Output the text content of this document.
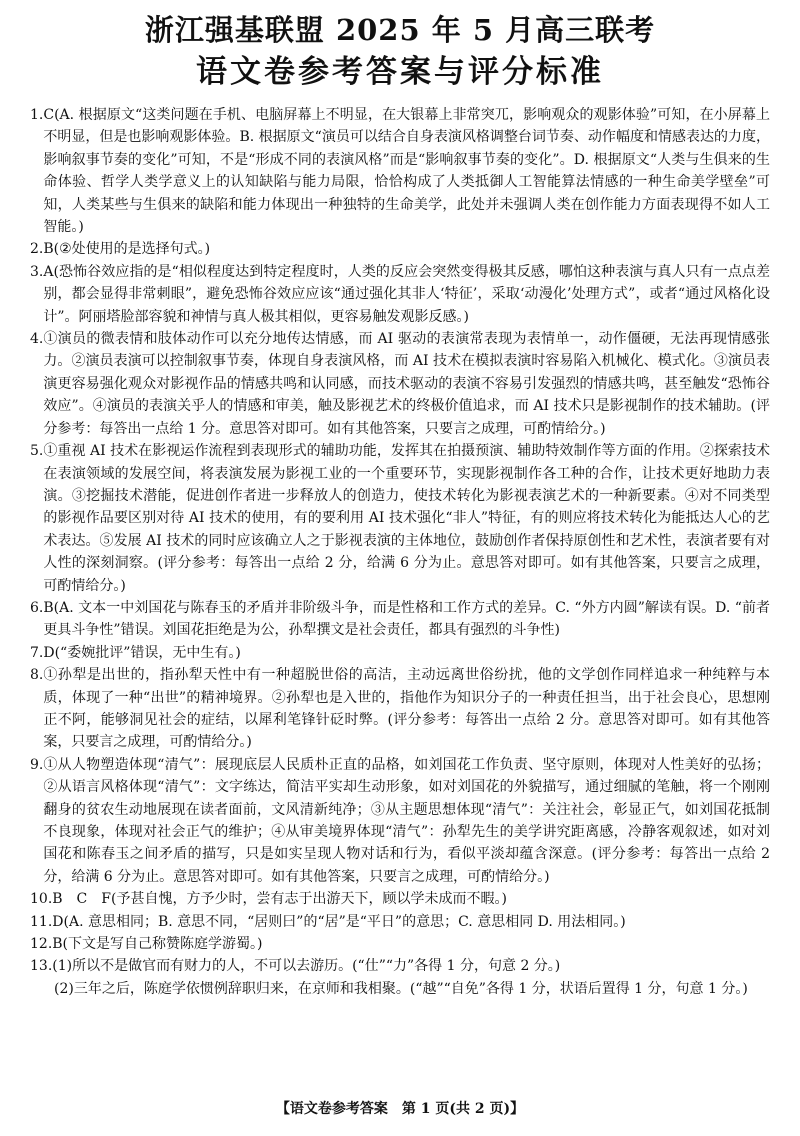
浙江强基联盟 2025 年 5 月高三联考
语文卷参考答案与评分标准
1. C(A. 根据原文“这类问题在手机、电脑屏幕上不明显，在大银幕上非常突兀，影响观众的观影体验”可知，在小屏幕上不明显，但是也影响观影体验。B. 根据原文“演员可以结合自身表演风格调整台词节奏、动作幅度和情感表达的力度，影响叙事节奏的变化”可知，不是“形成不同的表演风格”而是“影响叙事节奏的变化”。D. 根据原文“人类与生俱来的生命体验、哲学人类学意义上的认知缺陷与能力局限，恰恰构成了人类抵御人工智能算法情感的一种生命美学壁垒”可知，人类某些与生俱来的缺陷和能力体现出一种独特的生命美学，此处并未强调人类在创作能力方面表现得不如人工智能。)
2. B(②处使用的是选择句式。)
3. A(恐怖谷效应指的是“相似程度达到特定程度时，人类的反应会突然变得极其反感，哪怕这种表演与真人只有一点点差别，都会显得非常刺眼”，避免恐怖谷效应应该“通过强化其非人‘特征’，采取‘动漫化’处理方式”，或者“通过风格化设计”。阿丽塔脸部容貌和神情与真人极其相似，更容易触发观影反感。)
4. ①演员的微表情和肢体动作可以充分地传达情感，而 AI 驱动的表演常表现为表情单一，动作僵硬，无法再现情感张力。②演员表演可以控制叙事节奏，体现自身表演风格，而 AI 技术在模拟表演时容易陷入机械化、模式化。③演员表演更容易强化观众对影视作品的情感共鸣和认同感，而技术驱动的表演不容易引发强烈的情感共鸣，甚至触发“恐怖谷效应”。④演员的表演关乎人的情感和审美，触及影视艺术的终极价值追求，而 AI 技术只是影视制作的技术辅助。(评分参考：每答出一点给 1 分。意思答对即可。如有其他答案，只要言之成理，可酌情给分。)
5. ①重视 AI 技术在影视运作流程到表现形式的辅助功能，发挥其在拍摄预演、辅助特效制作等方面的作用。②探索技术在表演领域的发展空间，将表演发展为影视工业的一个重要环节，实现影视制作各工种的合作，让技术更好地助力表演。③挖掘技术潜能，促进创作者进一步释放人的创造力，使技术转化为影视表演艺术的一种新要素。④对不同类型的影视作品要区别对待 AI 技术的使用，有的要利用 AI 技术强化“非人”特征，有的则应将技术转化为能抵达人心的艺术表达。⑤发展 AI 技术的同时应该确立人之于影视表演的主体地位，鼓励创作者保持原创性和艺术性，表演者要有对人性的深刻洞察。(评分参考：每答出一点给 2 分，给满 6 分为止。意思答对即可。如有其他答案，只要言之成理，可酌情给分。)
6. B(A. 文本一中刘国花与陈春玉的矛盾并非阶级斗争，而是性格和工作方式的差异。C. “外方内圆”解读有误。D. “前者更具斗争性”错误。刘国花拒绝是为公，孙犁撰文是社会责任，都具有强烈的斗争性)
7. D(“委婉批评”错误，无中生有。)
8. ①孙犁是出世的，指孙犁天性中有一种超脱世俗的高洁，主动远离世俗纷扰，他的文学创作同样追求一种纯粹与本质，体现了一种“出世”的精神境界。②孙犁也是入世的，指他作为知识分子的一种责任担当，出于社会良心，思想刚正不阿，能够洞见社会的症结，以犀利笔锋针砭时弊。(评分参考：每答出一点给 2 分。意思答对即可。如有其他答案，只要言之成理，可酌情给分。)
9. ①从人物塑造体现“清气”：展现底层人民质朴正直的品格，如刘国花工作负责、坚守原则，体现对人性美好的弘扬；②从语言风格体现“清气”：文字练达，简洁平实却生动形象，如对刘国花的外貌描写，通过细腻的笔触，将一个刚刚翻身的贫农生动地展现在读者面前，文风清新纯净；③从主题思想体现“清气”：关注社会，彰显正气，如刘国花抵制不良现象，体现对社会正气的维护；④从审美境界体现“清气”：孙犁先生的美学讲究距离感，冷静客观叙述，如对刘国花和陈春玉之间矛盾的描写，只是如实呈现人物对话和行为，看似平淡却蕴含深意。(评分参考：每答出一点给 2 分，给满 6 分为止。意思答对即可。如有其他答案，只要言之成理，可酌情给分。)
10. B　C　F(予甚自愧，方予少时，尝有志于出游天下，顾以学未成而不暇。)
11. D(A. 意思相同；B. 意思不同，“居则曰”的“居”是“平日”的意思；C. 意思相同 D. 用法相同。)
12. B(下文是写自己称赞陈庭学游蜀。)
13. (1)所以不是做官而有财力的人，不可以去游历。(“仕”“力”各得 1 分，句意 2 分。)

(2)三年之后，陈庭学依惯例辞职归来，在京师和我相聚。(“越”“自免”各得 1 分，状语后置得 1 分，句意 1 分。)

【语文卷参考答案　第 1 页(共 2 页)】
